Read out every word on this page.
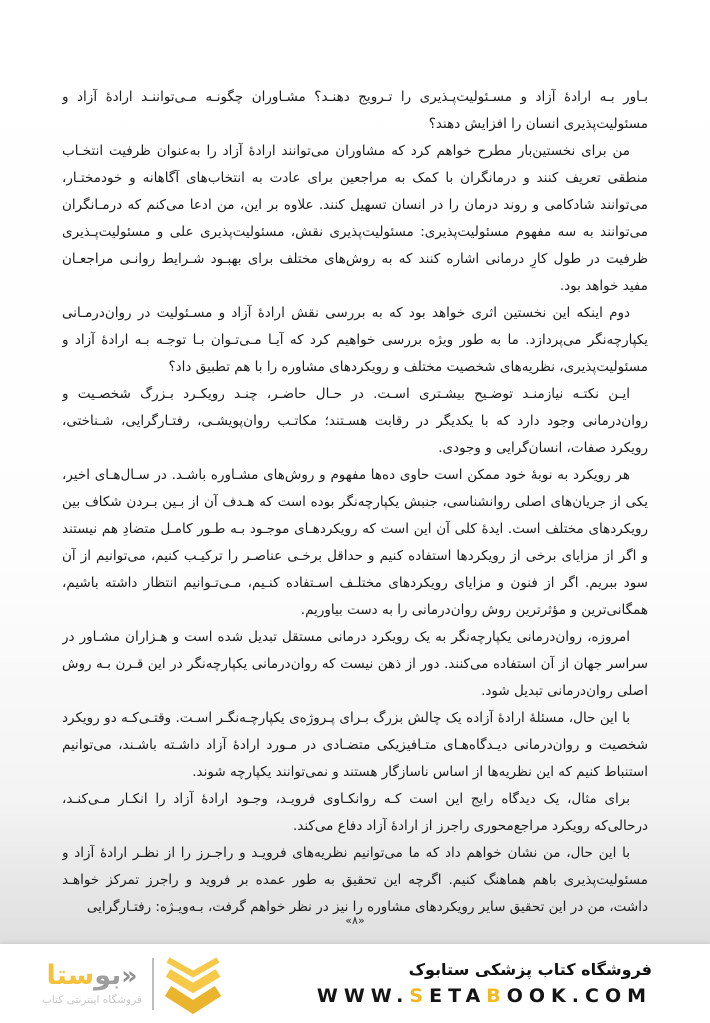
بـاور بـه ارادهٔ آزاد و مسـئولیت‌پـذیری را تـرویج دهنـد؟ مشـاوران چگونـه مـی‌تواننـد ارادهٔ آزاد و مسئولیت‌پذیری انسان را افزایش دهند؟

من برای نخستین‌بار مطرح خواهم کرد که مشاوران می‌توانند ارادهٔ آزاد را به‌عنوان ظرفیت انتخـاب منطقی تعریف کنند و درمانگران با کمک به مراجعین برای عادت به انتخاب‌های آگاهانه و خودمختـار، می‌توانند شادکامی و روند درمان را در انسان تسهیل کنند. علاوه بر این، من ادعا می‌کنم که درمـانگران می‌توانند به سه مفهوم مسئولیت‌پذیری: مسئولیت‌پذیری نقش، مسئولیت‌پذیری علی و مسئولیت‌پـذیری ظرفیت در طول کارِ درمانی اشاره کنند که به روش‌های مختلف برای بهبـود شـرایط روانـی مراجعـان مفید خواهد بود.

دوم اینکه این نخستین اثری خواهد بود که به بررسی نقش ارادهٔ آزاد و مسـئولیت در روان‌درمـانی یکپارچه‌نگر می‌پردازد. ما به طور ویژه بررسی خواهیم کرد که آیـا مـی‌تـوان بـا توجـه بـه ارادهٔ آزاد و مسئولیت‌پذیری، نظریه‌های شخصیت مختلف و رویکردهای مشاوره را با هم تطبیق داد؟

ایـن نکتـه نیازمنـد توضـیح بیشـتری اسـت. در حـال حاضـر، چنـد رویکـرد بـزرگ شخصـیت و روان‌درمانی وجود دارد که با یکدیگر در رقابت هسـتند؛ مکاتـب روان‌پویشـی، رفتـارگرایی، شـناختی، رویکرد صفات، انسان‌گرایی و وجودی.

هر رویکرد به نوبهٔ خود ممکن است حاوی ده‌ها مفهوم و روش‌های مشـاوره باشـد. در سـال‌هـای اخیر، یکی از جریان‌های اصلی روانشناسی، جنبش یکپارچه‌نگر بوده است که هـدف آن از بـین بـردن شکاف بین رویکردهای مختلف است. ایدهٔ کلی آن این است که رویکردهـای موجـود بـه طـور کامـل متضادِ هم نیستند و اگر از مزایای برخی از رویکردها استفاده کنیم و حداقل برخـی عناصـر را ترکیـب کنیم، می‌توانیم از آن سود ببریم. اگر از فنون و مزایای رویکردهای مختلـف اسـتفاده کنـیم، مـی‌تـوانیم انتظار داشته باشیم، همگانی‌ترین و مؤثرترین روش روان‌درمانی را به دست بیاوریم.

امروزه، روان‌درمانی یکپارچه‌نگر به یک رویکرد درمانی مستقل تبدیل شده است و هـزاران مشـاور در سراسر جهان از آن استفاده می‌کنند. دور از ذهن نیست که روان‌درمانی یکپارچه‌نگر در این قـرن بـه روش اصلی روان‌درمانی تبدیل شود.

با این حال، مسئلهٔ ارادهٔ آزاده یک چالش بزرگ بـرای پـروژه‌ی یکپارچـه‌نگـر اسـت. وقتـی‌کـه دو رویکرد شخصیت و روان‌درمانی دیـدگاه‌هـای متـافیزیکی متضـادی در مـورد ارادهٔ آزاد داشـته باشـند، می‌توانیم استنباط کنیم که این نظریه‌ها از اساس ناسازگار هستند و نمی‌توانند یکپارچه شوند.

برای مثال، یک دیدگاه رایج این است کـه روانکـاوی فرویـد، وجـود ارادهٔ آزاد را انکـار مـی‌کنـد، درحالی‌که رویکرد مراجع‌محوری راجرز از ارادهٔ آزاد دفاع می‌کند.

با این حال، من نشان خواهم داد که ما می‌توانیم نظریه‌های فرویـد و راجـرز را از نظـر ارادهٔ آزاد و مسئولیت‌پذیری باهم هماهنگ کنیم. اگرچه این تحقیق به طور عمده بر فروید و راجرز تمرکز خواهـد داشت، من در این تحقیق سایر رویکردهای مشاوره را نیز در نظر خواهم گرفت، بـه‌ویـژه: رفتـارگرایی

«۸»
«بوستا
فروشگاه اینترنتی کتاب
فروشگاه کتاب پزشکی ستابوک
WWW.SETABOOK.COM
